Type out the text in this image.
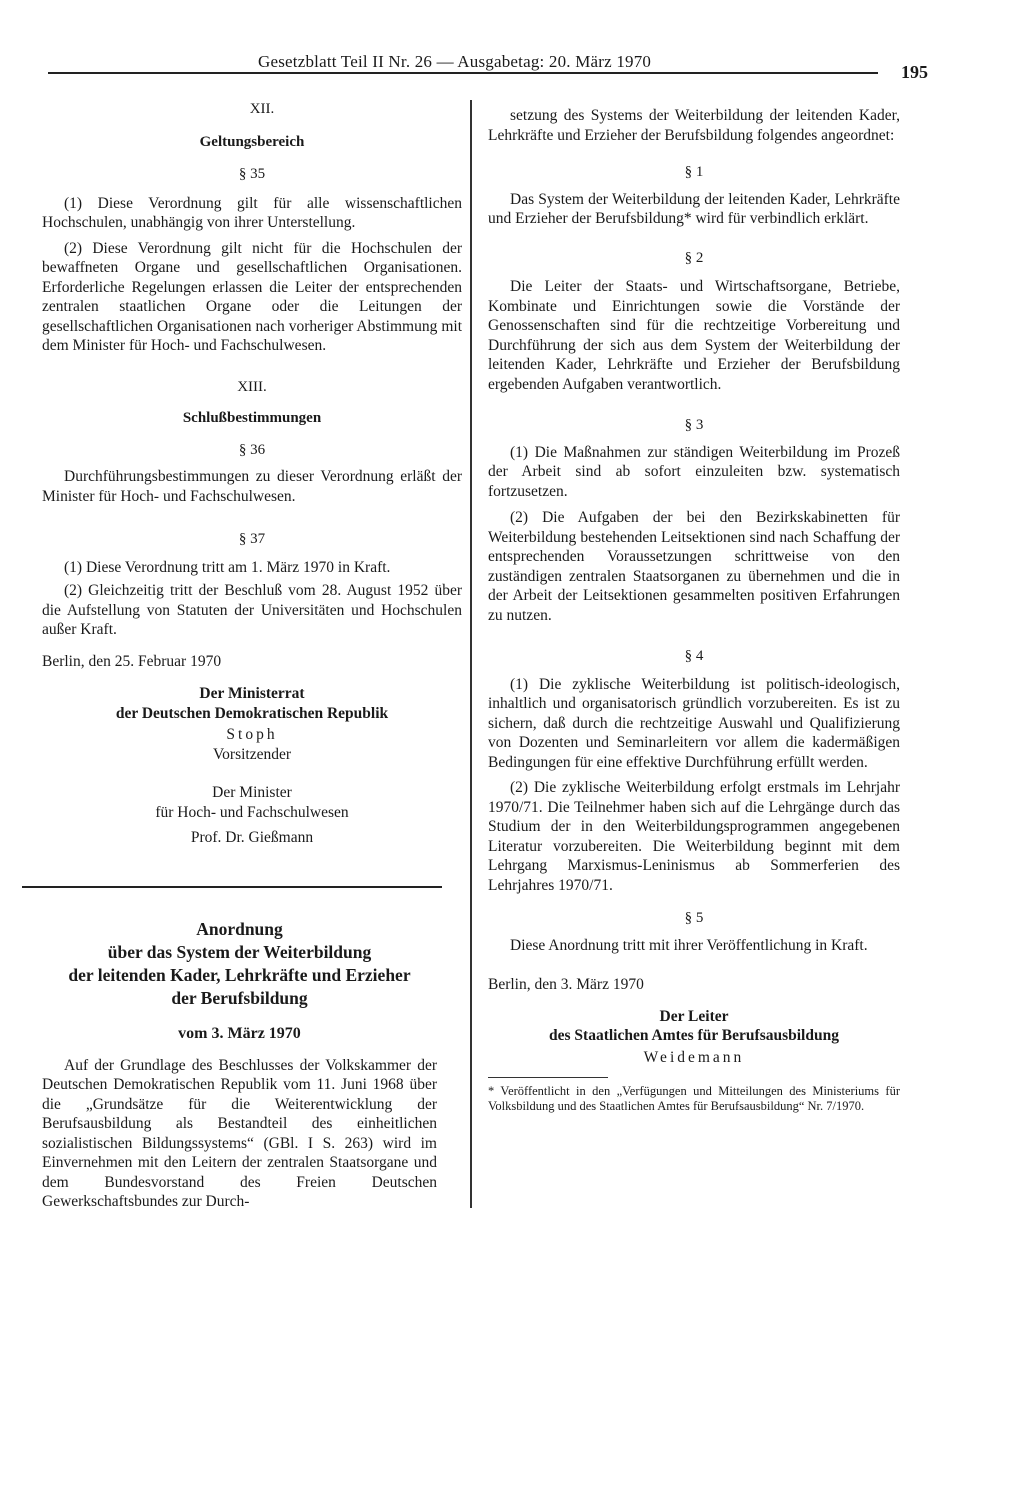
Gesetzblatt Teil II Nr. 26 — Ausgabetag: 20. März 1970
195
XII.
Geltungsbereich
§ 35

(1) Diese Verordnung gilt für alle wissenschaftlichen Hochschulen, unabhängig von ihrer Unterstellung.

(2) Diese Verordnung gilt nicht für die Hochschulen der bewaffneten Organe und gesellschaftlichen Organisationen. Erforderliche Regelungen erlassen die Leiter der entsprechenden zentralen staatlichen Organe oder die Leitungen der gesellschaftlichen Organisationen nach vorheriger Abstimmung mit dem Minister für Hoch- und Fachschulwesen.

XIII.
Schlußbestimmungen
§ 36

Durchführungsbestimmungen zu dieser Verordnung erläßt der Minister für Hoch- und Fachschulwesen.

§ 37

(1) Diese Verordnung tritt am 1. März 1970 in Kraft.

(2) Gleichzeitig tritt der Beschluß vom 28. August 1952 über die Aufstellung von Statuten der Universitäten und Hochschulen außer Kraft.

Berlin, den 25. Februar 1970

Der Ministerrat
der Deutschen Demokratischen Republik
Stoph
Vorsitzender
Der Minister
für Hoch- und Fachschulwesen
Prof. Dr. Gießmann
Anordnung
über das System der Weiterbildung
der leitenden Kader, Lehrkräfte und Erzieher
der Berufsbildung
vom 3. März 1970

Auf der Grundlage des Beschlusses der Volkskammer der Deutschen Demokratischen Republik vom 11. Juni 1968 über die „Grundsätze für die Weiterentwicklung der Berufsausbildung als Bestandteil des einheitlichen sozialistischen Bildungssystems“ (GBl. I S. 263) wird im Einvernehmen mit den Leitern der zentralen Staatsorgane und dem Bundesvorstand des Freien Deutschen Gewerkschaftsbundes zur Durch-

setzung des Systems der Weiterbildung der leitenden Kader, Lehrkräfte und Erzieher der Berufsbildung folgendes angeordnet:

§ 1

Das System der Weiterbildung der leitenden Kader, Lehrkräfte und Erzieher der Berufsbildung* wird für verbindlich erklärt.

§ 2

Die Leiter der Staats- und Wirtschaftsorgane, Betriebe, Kombinate und Einrichtungen sowie die Vorstände der Genossenschaften sind für die rechtzeitige Vorbereitung und Durchführung der sich aus dem System der Weiterbildung der leitenden Kader, Lehrkräfte und Erzieher der Berufsbildung ergebenden Aufgaben verantwortlich.

§ 3

(1) Die Maßnahmen zur ständigen Weiterbildung im Prozeß der Arbeit sind ab sofort einzuleiten bzw. systematisch fortzusetzen.

(2) Die Aufgaben der bei den Bezirkskabinetten für Weiterbildung bestehenden Leitsektionen sind nach Schaffung der entsprechenden Voraussetzungen schrittweise von den zuständigen zentralen Staatsorganen zu übernehmen und die in der Arbeit der Leitsektionen gesammelten positiven Erfahrungen zu nutzen.

§ 4

(1) Die zyklische Weiterbildung ist politisch-ideologisch, inhaltlich und organisatorisch gründlich vorzubereiten. Es ist zu sichern, daß durch die rechtzeitige Auswahl und Qualifizierung von Dozenten und Seminarleitern vor allem die kadermäßigen Bedingungen für eine effektive Durchführung erfüllt werden.

(2) Die zyklische Weiterbildung erfolgt erstmals im Lehrjahr 1970/71. Die Teilnehmer haben sich auf die Lehrgänge durch das Studium der in den Weiterbildungsprogrammen angegebenen Literatur vorzubereiten. Die Weiterbildung beginnt mit dem Lehrgang Marxismus-Leninismus ab Sommerferien des Lehrjahres 1970/71.

§ 5

Diese Anordnung tritt mit ihrer Veröffentlichung in Kraft.

Berlin, den 3. März 1970

Der Leiter
des Staatlichen Amtes für Berufsausbildung
Weidemann

* Veröffentlicht in den „Verfügungen und Mitteilungen des Ministeriums für Volksbildung und des Staatlichen Amtes für Berufsausbildung“ Nr. 7/1970.
